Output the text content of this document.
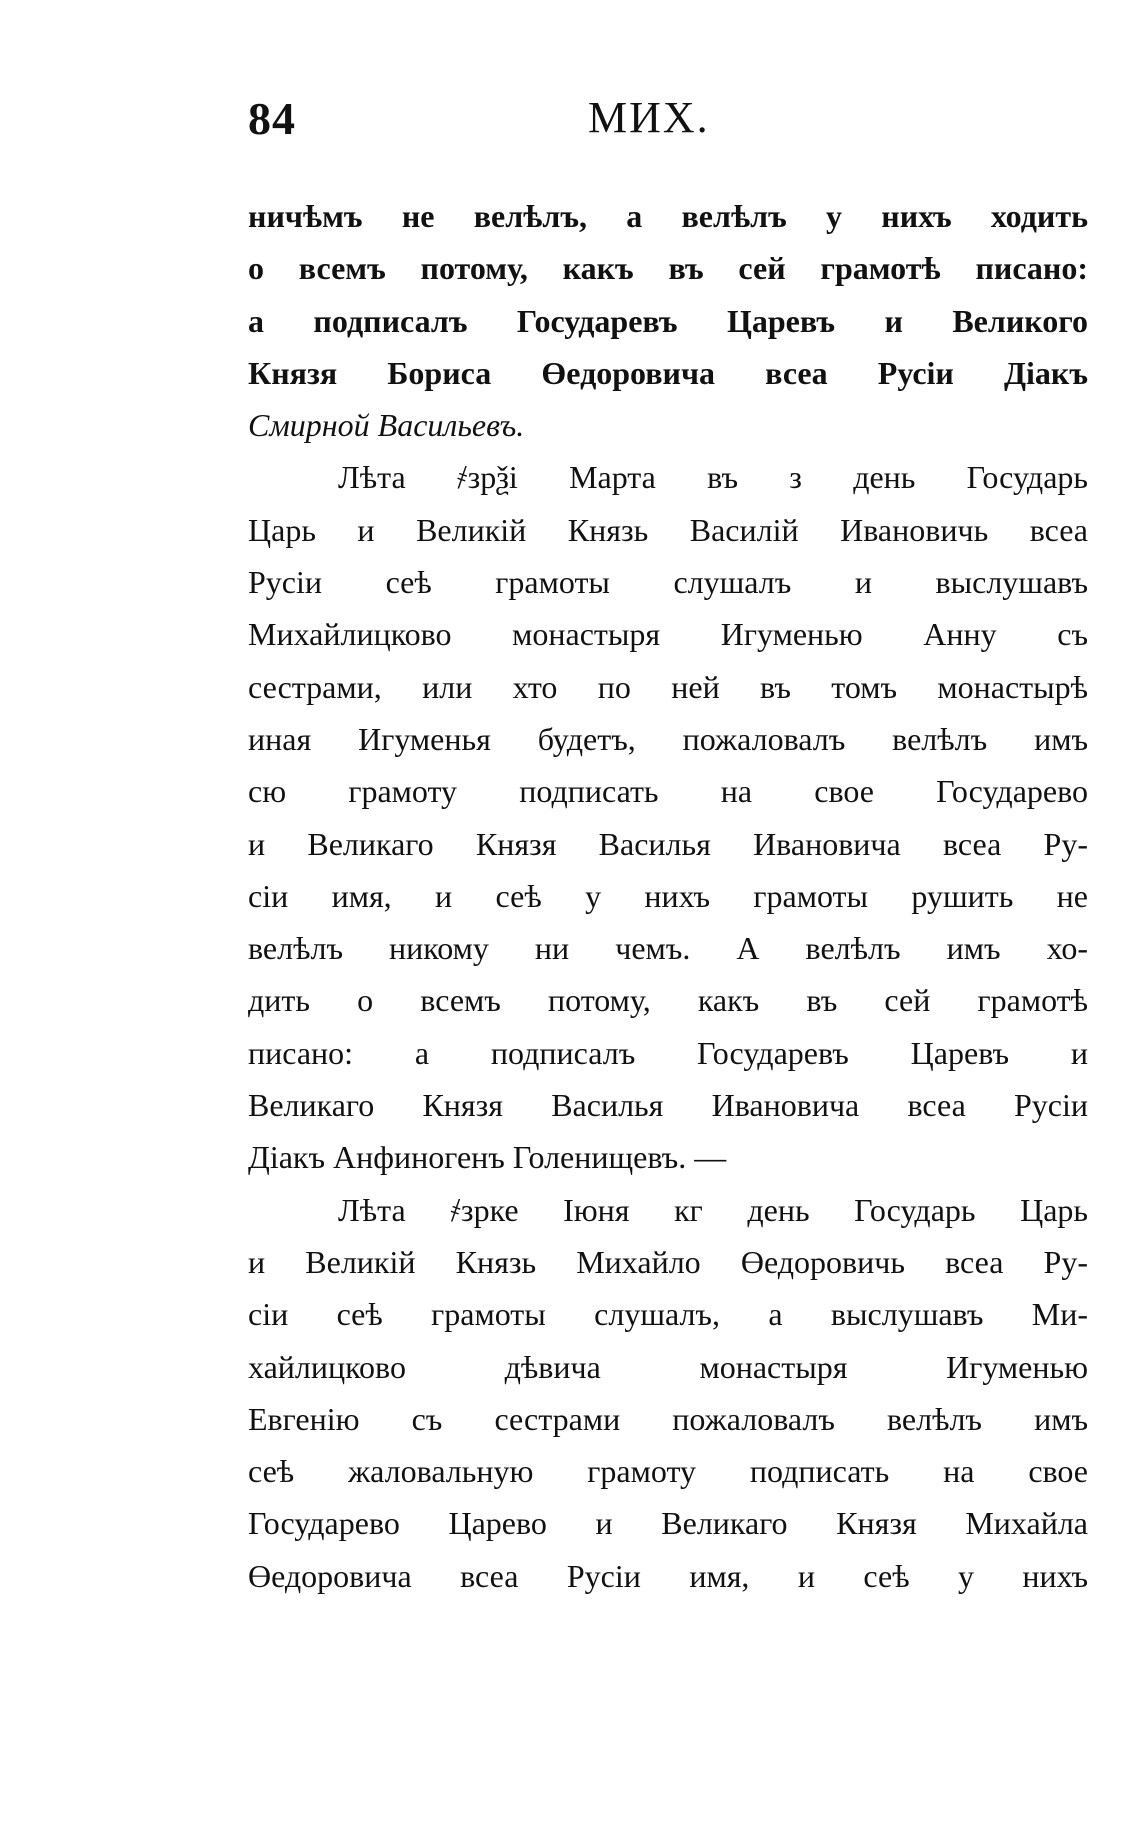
84	МИХ.
ничѣмъ не велѣлъ, а велѣлъ у нихъ ходить
о всемъ потому, какъ въ сей грамотѣ писано:
а подписалъ Государевъ Царевъ и Великого
Князя Бориса Өедоровича всеа Русiи Дiакъ
Смирной Васильевъ.
Лѣта ҂зрѯі Марта въ з день Государь
Царь и Великiй Князь Василiй Ивановичь всеа
Русiи сеѣ грамоты слушалъ и выслушавъ
Михайлицково монастыря Игуменью Анну съ
сестрами, или хто по ней въ томъ монастырѣ
иная Игуменья будетъ, пожаловалъ велѣлъ имъ
сю грамоту подписать на свое Государево
и Великаго Князя Василья Ивановича всеа Ру-
сiи имя, и сеѣ у нихъ грамоты рушить не
велѣлъ никому ни чемъ. А велѣлъ имъ хо-
дить о всемъ потому, какъ въ сей грамотѣ
писано: а подписалъ Государевъ Царевъ и
Великаго Князя Василья Ивановича всеа Русiи
Дiакъ Анфиногенъ Голенищевъ. —
Лѣта ҂зрке Iюня кг день Государь Царь
и Великiй Князь Михайло Өедоровичь всеа Ру-
сiи сеѣ грамоты слушалъ, а выслушавъ Ми-
хайлицково дѣвича монастыря Игуменью
Евгенiю съ сестрами пожаловалъ велѣлъ имъ
сеѣ жаловальную грамоту подписать на свое
Государево Царево и Великаго Князя Михайла
Өедоровича всеа Русiи имя, и сеѣ у нихъ
